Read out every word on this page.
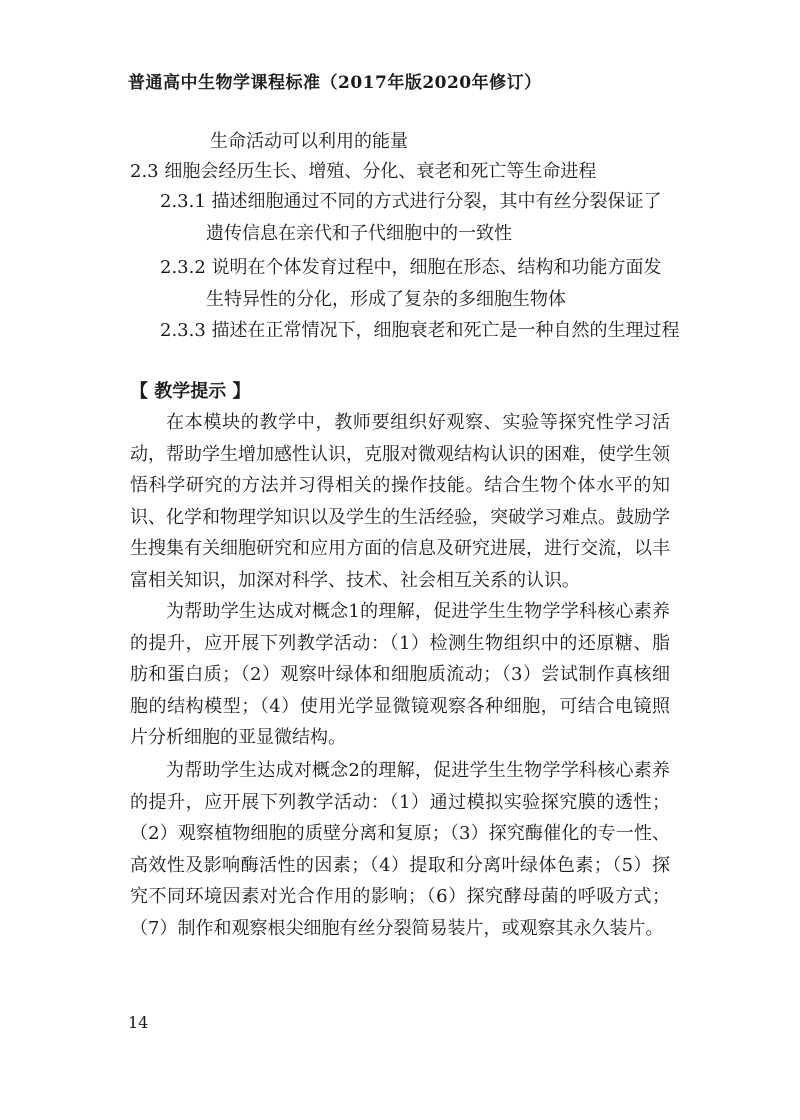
普通高中生物学课程标准（2017年版2020年修订）
生命活动可以利用的能量
2.3 细胞会经历生长、增殖、分化、衰老和死亡等生命进程
2.3.1 描述细胞通过不同的方式进行分裂，其中有丝分裂保证了
遗传信息在亲代和子代细胞中的一致性
2.3.2 说明在个体发育过程中，细胞在形态、结构和功能方面发
生特异性的分化，形成了复杂的多细胞生物体
2.3.3 描述在正常情况下，细胞衰老和死亡是一种自然的生理过程
【 教学提示 】

在本模块的教学中，教师要组织好观察、实验等探究性学习活动，帮助学生增加感性认识，克服对微观结构认识的困难，使学生领悟科学研究的方法并习得相关的操作技能。结合生物个体水平的知识、化学和物理学知识以及学生的生活经验，突破学习难点。鼓励学生搜集有关细胞研究和应用方面的信息及研究进展，进行交流，以丰富相关知识，加深对科学、技术、社会相互关系的认识。

为帮助学生达成对概念1的理解，促进学生生物学学科核心素养的提升，应开展下列教学活动：（1）检测生物组织中的还原糖、脂肪和蛋白质；（2）观察叶绿体和细胞质流动；（3）尝试制作真核细胞的结构模型；（4）使用光学显微镜观察各种细胞，可结合电镜照片分析细胞的亚显微结构。

为帮助学生达成对概念2的理解，促进学生生物学学科核心素养的提升，应开展下列教学活动：（1）通过模拟实验探究膜的透性；（2）观察植物细胞的质壁分离和复原；（3）探究酶催化的专一性、高效性及影响酶活性的因素；（4）提取和分离叶绿体色素；（5）探究不同环境因素对光合作用的影响；（6）探究酵母菌的呼吸方式；（7）制作和观察根尖细胞有丝分裂简易装片，或观察其永久装片。

14
